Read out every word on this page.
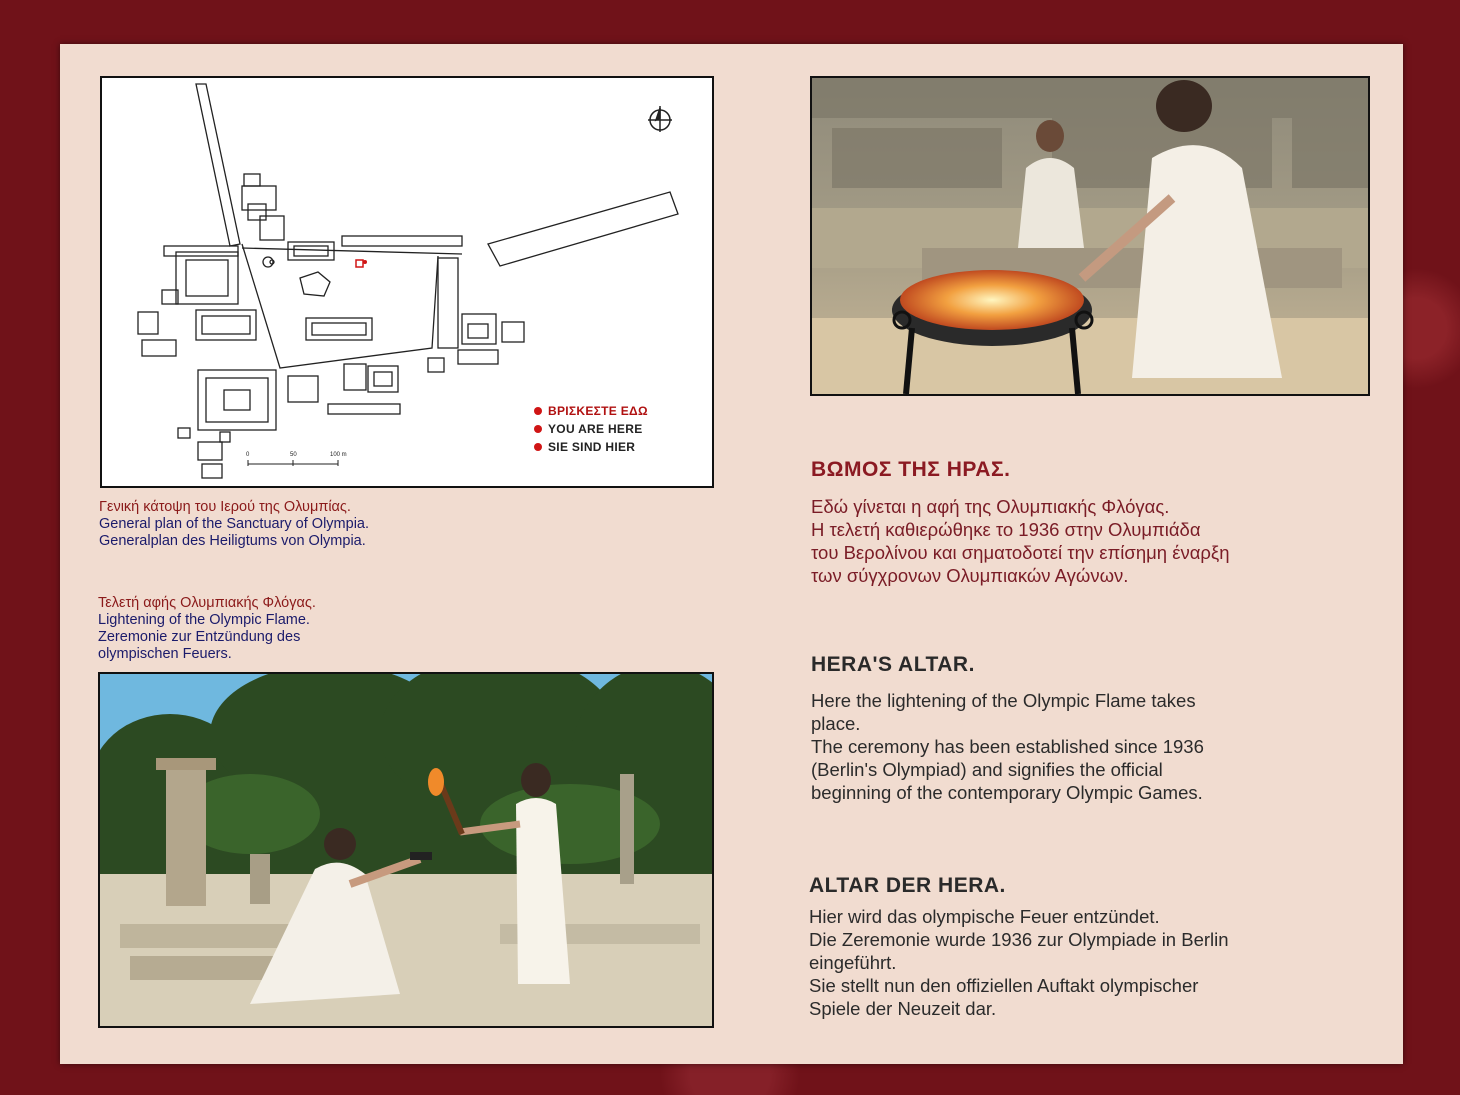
0	50	100 m
ΒΡΙΣΚΕΣΤΕ ΕΔΩ
YOU ARE HERE
SIE SIND HIER
Γενική κάτοψη του Ιερού της Ολυμπίας.
General plan of the Sanctuary of Olympia.
Generalplan des Heiligtums von Olympia.
Τελετή αφής Ολυμπιακής Φλόγας.
Lightening of the Olympic Flame.
Zeremonie zur Entzündung des
olympischen Feuers.
ΒΩΜΟΣ ΤΗΣ ΗΡΑΣ.
Εδώ γίνεται η αφή της Ολυμπιακής Φλόγας.
Η τελετή καθιερώθηκε το 1936 στην Ολυμπιάδα
του Βερολίνου και σηματοδοτεί την επίσημη έναρξη
των σύγχρονων Ολυμπιακών Αγώνων.
HERA'S ALTAR.
Here the lightening of the Olympic Flame takes
place.
The ceremony has been established since 1936
(Berlin's Olympiad) and signifies the official
beginning of the contemporary Olympic Games.
ALTAR DER HERA.
Hier wird das olympische Feuer entzündet.
Die Zeremonie wurde 1936 zur Olympiade in Berlin
eingeführt.
Sie stellt nun den offiziellen Auftakt olympischer
Spiele der Neuzeit dar.
